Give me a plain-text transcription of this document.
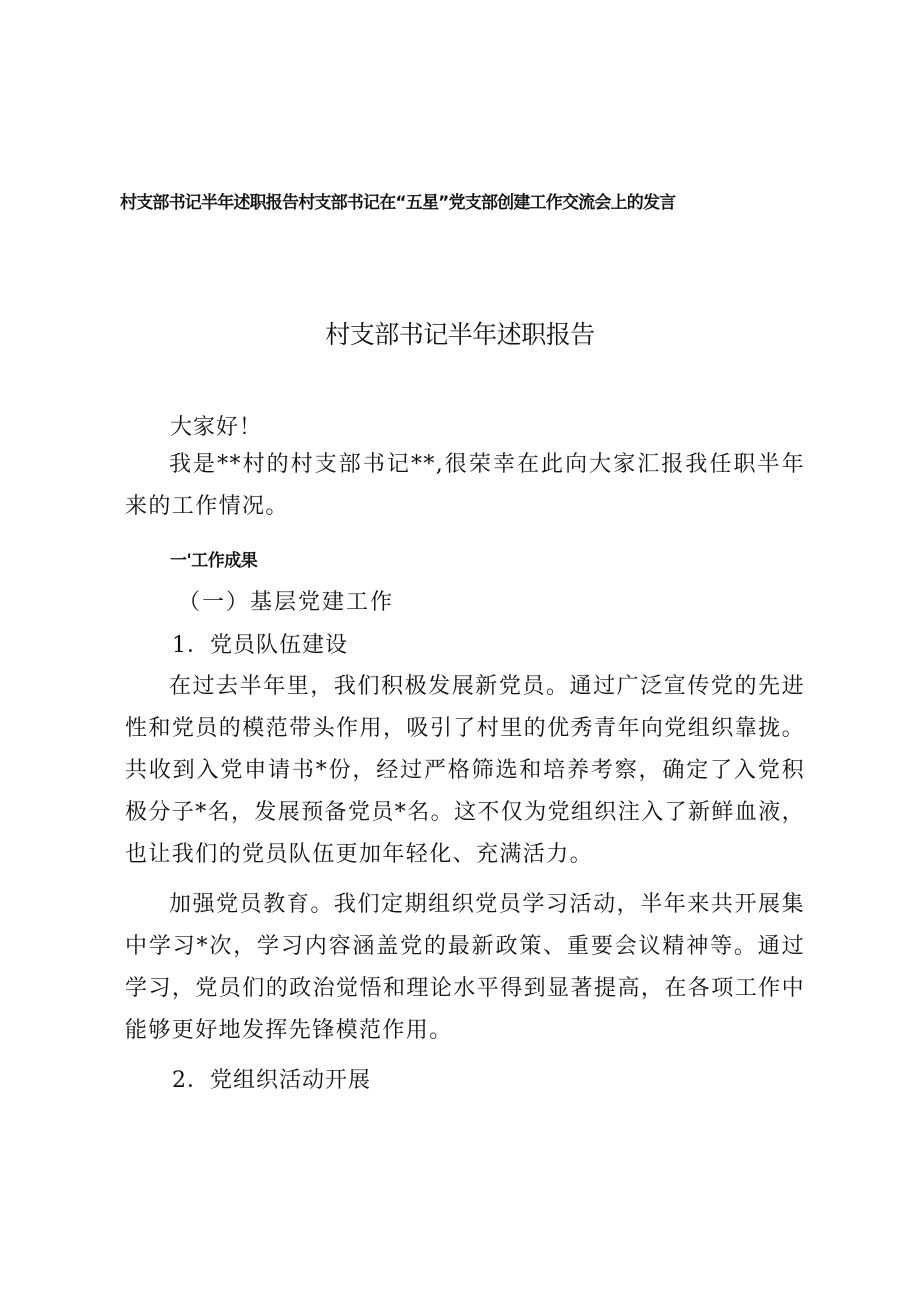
村支部书记半年述职报告村支部书记在“五星”党支部创建工作交流会上的发言
村支部书记半年述职报告
大家好！
我是**村的村支部书记**,很荣幸在此向大家汇报我任职半年来的工作情况。
一'工作成果
（一）基层党建工作
1．党员队伍建设
在过去半年里，我们积极发展新党员。通过广泛宣传党的先进性和党员的模范带头作用，吸引了村里的优秀青年向党组织靠拢。共收到入党申请书*份，经过严格筛选和培养考察，确定了入党积极分子*名，发展预备党员*名。这不仅为党组织注入了新鲜血液，也让我们的党员队伍更加年轻化、充满活力。
加强党员教育。我们定期组织党员学习活动，半年来共开展集中学习*次，学习内容涵盖党的最新政策、重要会议精神等。通过学习，党员们的政治觉悟和理论水平得到显著提高，在各项工作中能够更好地发挥先锋模范作用。
2．党组织活动开展
